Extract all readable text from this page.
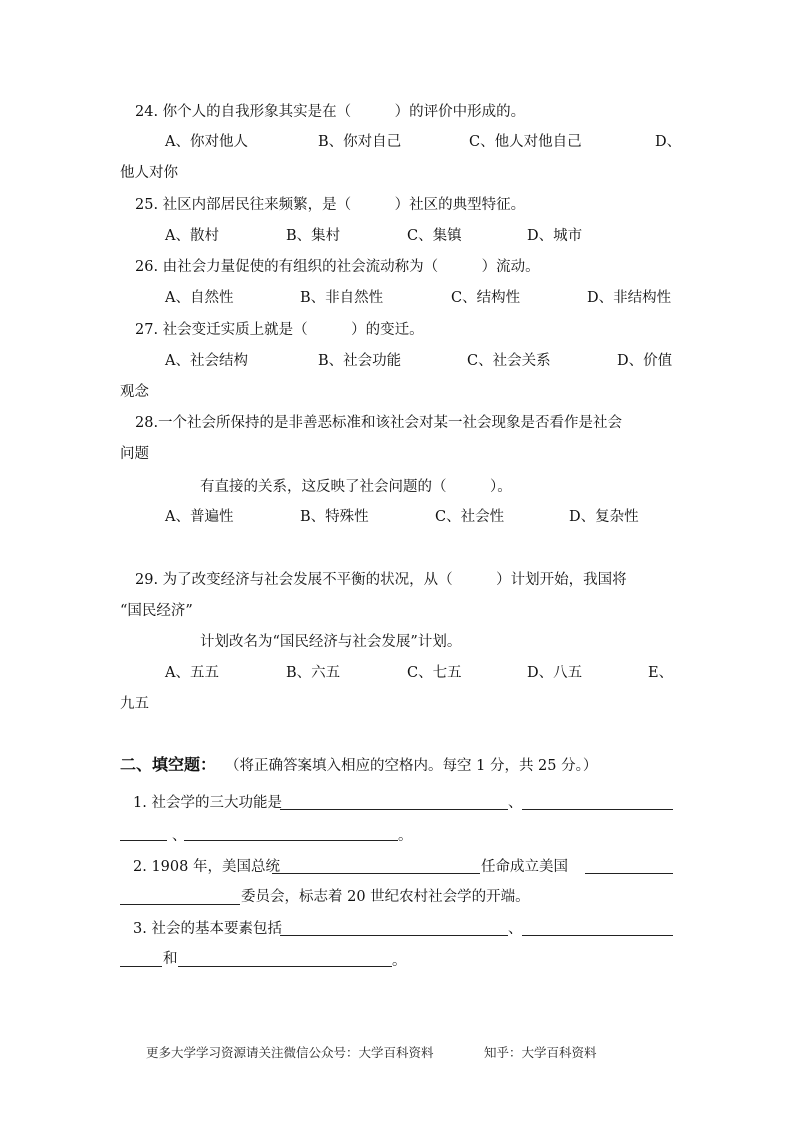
24. 你个人的自我形象其实是在（　　　）的评价中形成的。
A、你对他人	B、你对自己	C、他人对他自己	D、
他人对你
25. 社区内部居民往来频繁，是（　　　）社区的典型特征。
A、散村	B、集村	C、集镇	D、城市
26. 由社会力量促使的有组织的社会流动称为（　　　）流动。
A、自然性	B、非自然性	C、结构性	D、非结构性
27. 社会变迁实质上就是（　　　）的变迁。
A、社会结构	B、社会功能	C、社会关系	D、价值
观念
28.一个社会所保持的是非善恶标准和该社会对某一社会现象是否看作是社会
问题
有直接的关系，这反映了社会问题的（　　　）。
A、普遍性	B、特殊性	C、社会性	D、复杂性
29. 为了改变经济与社会发展不平衡的状况，从（　　　）计划开始，我国将
“国民经济”
计划改名为“国民经济与社会发展”计划。
A、五五	B、六五	C、七五	D、八五	E、
九五
二、填空题： （将正确答案填入相应的空格内。每空 1 分，共 25 分。）
1. 社会学的三大功能是	、
、	。
2. 1908 年，美国总统	任命成立美国
委员会，标志着 20 世纪农村社会学的开端。
3. 社会的基本要素包括	、
和	。
更多大学学习资源请关注微信公众号：大学百科资料	知乎：大学百科资料
